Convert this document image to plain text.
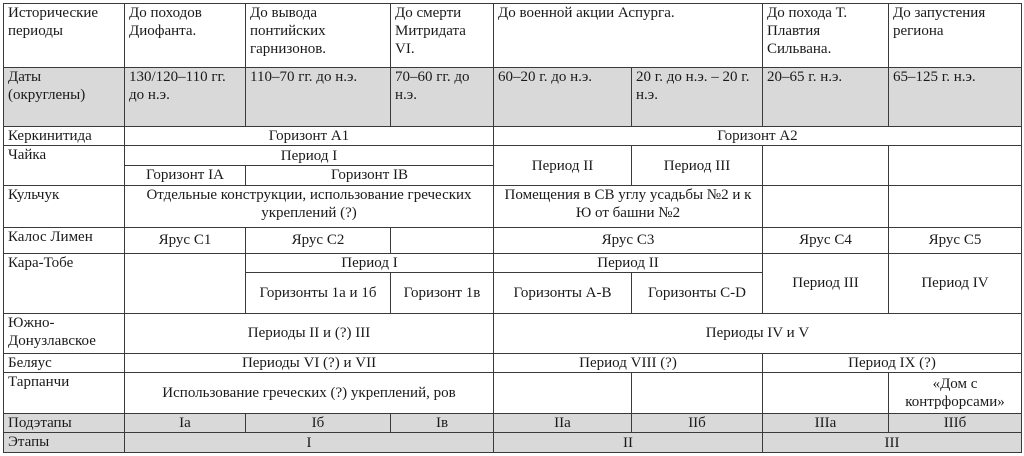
Исторические периоды	До походов Диофанта.	До вывода понтийских гарнизонов.	До смерти Митридата VI.	До военной акции Аспурга.		До похода Т. Плавтия Сильвана.	До запустения региона

Даты (округлены)	130/120–110 гг. до н.э.	110–70 гг. до н.э.	70–60 гг. до н.э.	60–20 г. до н.э.	20 г. до н.э. – 20 г. н.э.	20–65 г. н.э.	65–125 г. н.э.
Керкинитида	Горизонт А1			Горизонт А2			
Чайка	Период I			Период II	Период III		
	Горизонт IA	Горизонт IB					
Кульчук	Отдельные конструкции, использование греческих укреплений (?)			Помещения в СВ углу усадьбы №2 и к Ю от башни №2			
Калос Лимен	Ярус С1	Ярус С2		Ярус С3		Ярус С4	Ярус С5
Кара-Тобе		Период I		Период II		Период III	Период IV
		Горизонты 1а и 1б	Горизонт 1в	Горизонты А-В	Горизонты С-D		
Южно-Донузлавское	Периоды II и (?) III			Периоды IV и V			
Беляус	Периоды VI (?) и VII			Период VIII (?)		Период IX (?)	
Тарпанчи	Использование греческих (?) укреплений, ров						«Дом с контрфорсами»
Подэтапы	Iа	Iб	Iв	IIа	IIб	IIIа	IIIб
Этапы	I			II		III	
